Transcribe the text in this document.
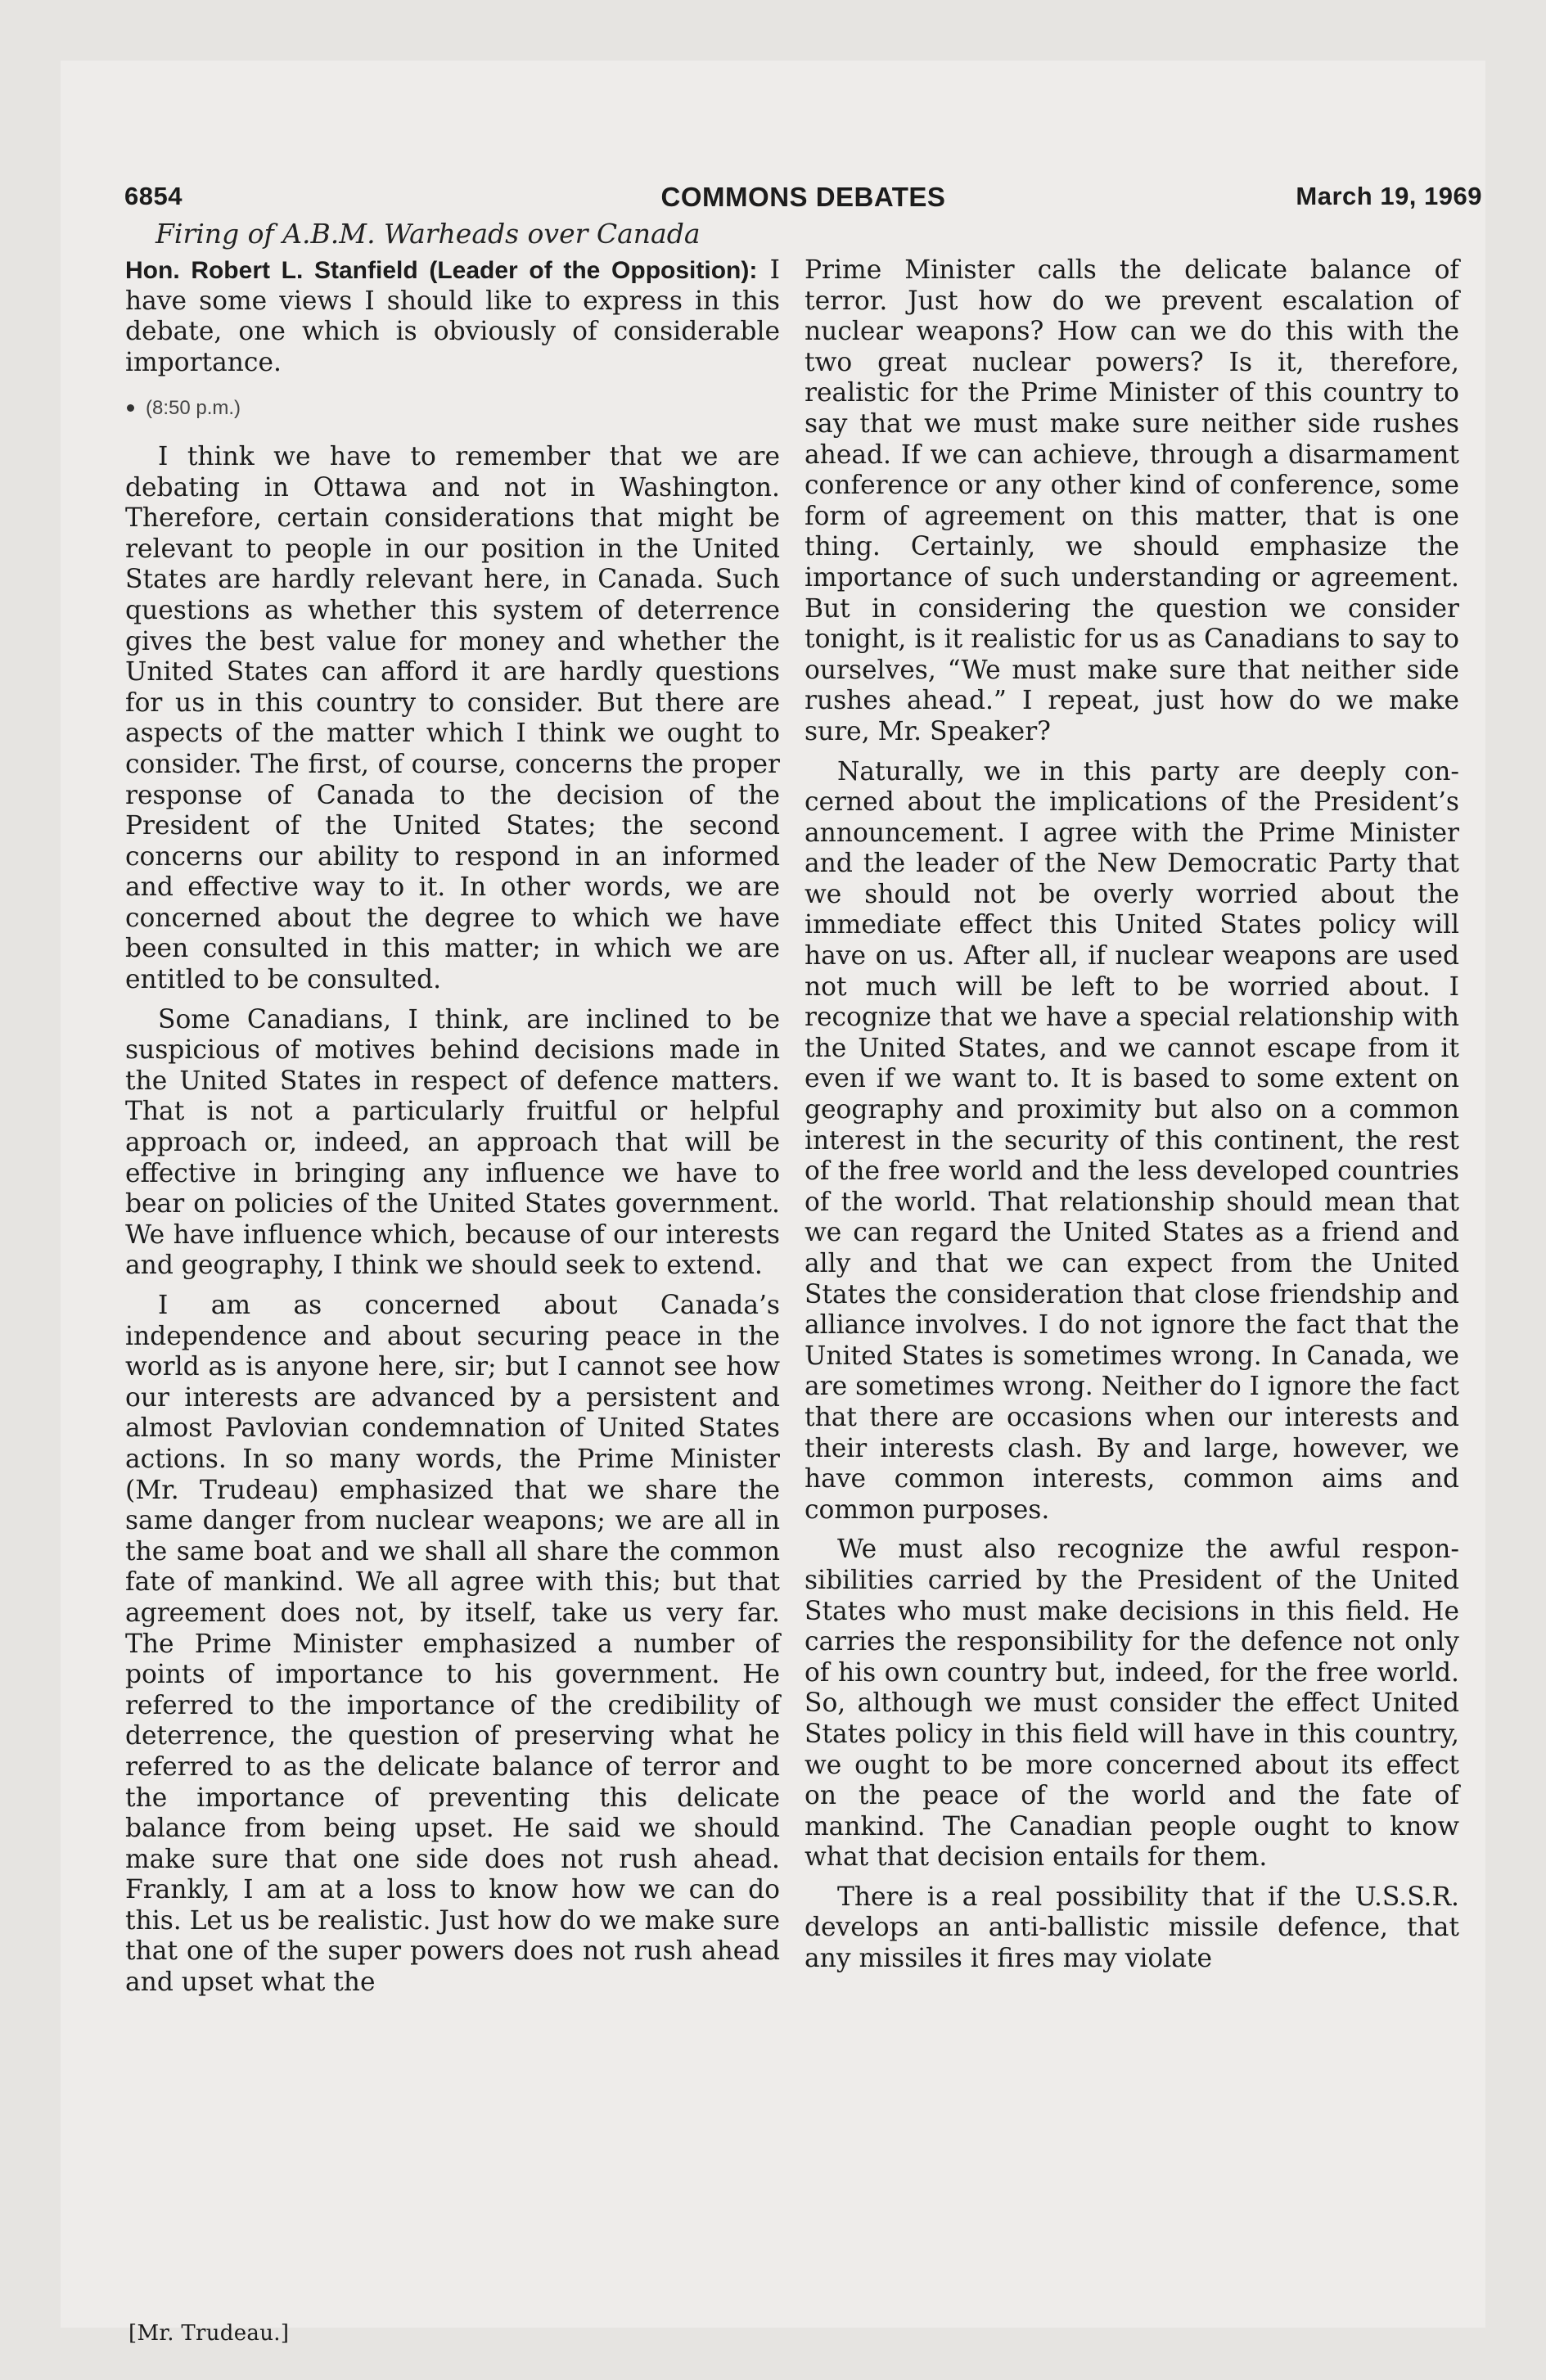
6854	COMMONS DEBATES	March 19, 1969
Firing of A.B.M. Warheads over Canada

Hon. Robert L. Stanfield (Leader of the Opposition): I have some views I should like to express in this debate, one which is obviously of considerable importance.

(8:50 p.m.)

I think we have to remember that we are debating in Ottawa and not in Washington. Therefore, certain considerations that might be relevant to people in our position in the United States are hardly relevant here, in Canada. Such questions as whether this system of deterrence gives the best value for money and whether the United States can afford it are hardly questions for us in this country to consider. But there are aspects of the matter which I think we ought to consider. The first, of course, concerns the proper response of Canada to the decision of the President of the United States; the second concerns our ability to respond in an informed and effective way to it. In other words, we are concerned about the degree to which we have been consulted in this matter; in which we are entitled to be consulted.

Some Canadians, I think, are inclined to be suspicious of motives behind decisions made in the United States in respect of defence matters. That is not a particularly fruitful or helpful approach or, indeed, an approach that will be effective in bringing any influence we have to bear on policies of the United States government. We have influence which, because of our interests and geography, I think we should seek to extend.

I am as concerned about Canada’s independence and about securing peace in the world as is anyone here, sir; but I cannot see how our interests are advanced by a persistent and almost Pavlovian condemnation of United States actions. In so many words, the Prime Minister (Mr. Trudeau) emphasized that we share the same danger from nuclear weapons; we are all in the same boat and we shall all share the common fate of mankind. We all agree with this; but that agreement does not, by itself, take us very far. The Prime Minister emphasized a number of points of importance to his government. He referred to the importance of the credibility of deterrence, the question of preserving what he referred to as the delicate balance of terror and the importance of preventing this delicate balance from being upset. He said we should make sure that one side does not rush ahead. Frankly, I am at a loss to know how we can do this. Let us be realistic. Just how do we make sure that one of the super powers does not rush ahead and upset what the

Prime Minister calls the delicate balance of terror. Just how do we prevent escalation of nuclear weapons? How can we do this with the two great nuclear powers? Is it, therefore, realistic for the Prime Minister of this country to say that we must make sure neither side rushes ahead. If we can achieve, through a disarmament conference or any other kind of conference, some form of agreement on this matter, that is one thing. Certainly, we should emphasize the importance of such understanding or agreement. But in considering the question we consider tonight, is it realistic for us as Canadians to say to ourselves, “We must make sure that neither side rushes ahead.” I repeat, just how do we make sure, Mr. Speaker?

Naturally, we in this party are deeply concerned about the implications of the President’s announcement. I agree with the Prime Minister and the leader of the New Democratic Party that we should not be overly worried about the immediate effect this United States policy will have on us. After all, if nuclear weapons are used not much will be left to be worried about. I recognize that we have a special relationship with the United States, and we cannot escape from it even if we want to. It is based to some extent on geography and proximity but also on a common interest in the security of this continent, the rest of the free world and the less developed countries of the world. That relationship should mean that we can regard the United States as a friend and ally and that we can expect from the United States the consideration that close friendship and alliance involves. I do not ignore the fact that the United States is sometimes wrong. In Canada, we are sometimes wrong. Neither do I ignore the fact that there are occasions when our interests and their interests clash. By and large, however, we have common interests, common aims and common purposes.

We must also recognize the awful responsibilities carried by the President of the United States who must make decisions in this field. He carries the responsibility for the defence not only of his own country but, indeed, for the free world. So, although we must consider the effect United States policy in this field will have in this country, we ought to be more concerned about its effect on the peace of the world and the fate of mankind. The Canadian people ought to know what that decision entails for them.

There is a real possibility that if the U.S.S.R. develops an anti-ballistic missile defence, that any missiles it fires may violate

[Mr. Trudeau.]
